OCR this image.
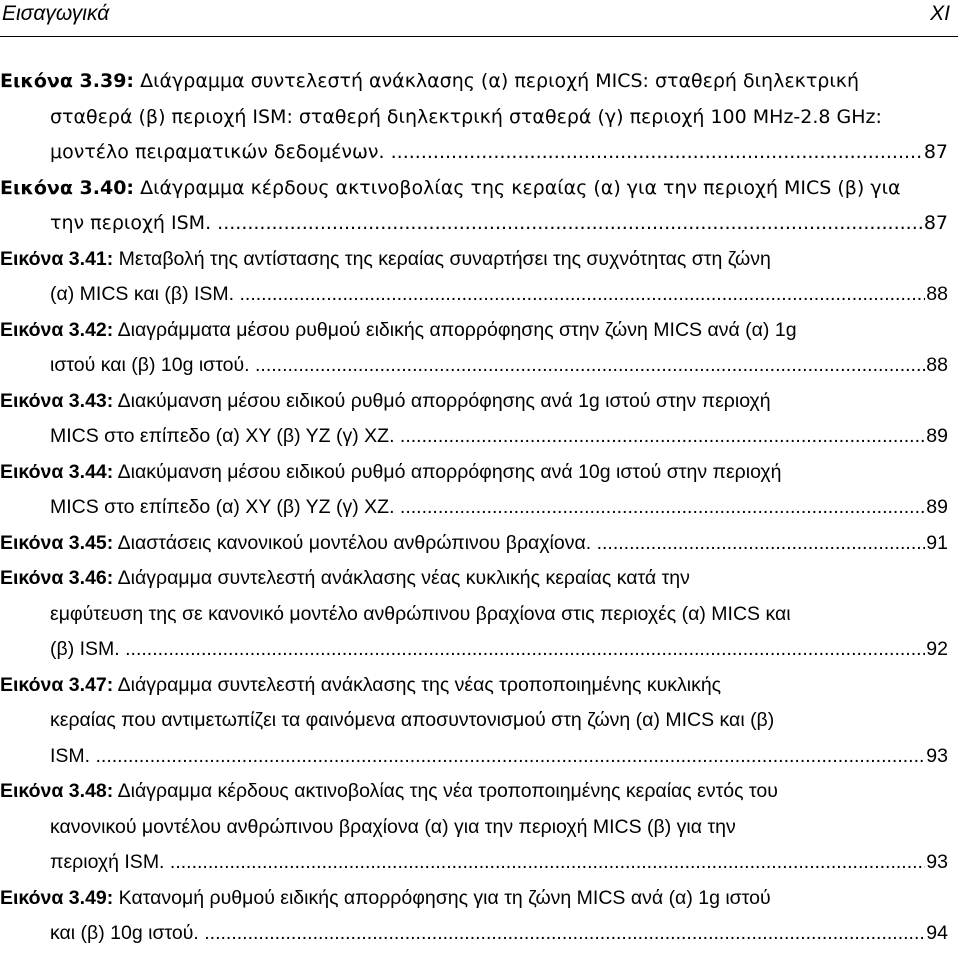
Εισαγωγικά	XI
Εικόνα 3.39: Διάγραμμα συντελεστή ανάκλασης (α) περιοχή MICS: σταθερή διηλεκτρική
σταθερά (β) περιοχή ISM: σταθερή διηλεκτρική σταθερά (γ) περιοχή 100 MHz-2.8 GHz:
μοντέλο πειραματικών δεδομένων. .....	87
Εικόνα 3.40: Διάγραμμα κέρδους ακτινοβολίας της κεραίας (α) για την περιοχή MICS (β) για
την περιοχή ISM. .....	87
Εικόνα 3.41: Μεταβολή της αντίστασης της κεραίας συναρτήσει της συχνότητας στη ζώνη
(α) MICS και (β) ISM. .....	88
Εικόνα 3.42: Διαγράμματα μέσου ρυθμού ειδικής απορρόφησης στην ζώνη MICS ανά (α) 1g
ιστού και (β) 10g ιστού. .....	88
Εικόνα 3.43: Διακύμανση μέσου ειδικού ρυθμό απορρόφησης ανά 1g ιστού στην περιοχή
MICS στο επίπεδο (α) XY (β) YZ (γ) XZ. .....	89
Εικόνα 3.44: Διακύμανση μέσου ειδικού ρυθμό απορρόφησης ανά 10g ιστού στην περιοχή
MICS στο επίπεδο (α) XY (β) YZ (γ) XZ. .....	89
Εικόνα 3.45: Διαστάσεις κανονικού μοντέλου ανθρώπινου βραχίονα. .....	91
Εικόνα 3.46: Διάγραμμα συντελεστή ανάκλασης νέας κυκλικής κεραίας κατά την
εμφύτευση της σε κανονικό μοντέλο ανθρώπινου βραχίονα στις περιοχές (α) MICS και
(β) ISM. .....	92
Εικόνα 3.47: Διάγραμμα συντελεστή ανάκλασης της νέας τροποποιημένης κυκλικής
κεραίας που αντιμετωπίζει τα φαινόμενα αποσυντονισμού στη ζώνη (α) MICS και (β)
ISM. .....	93
Εικόνα 3.48: Διάγραμμα κέρδους ακτινοβολίας της νέα τροποποιημένης κεραίας εντός του
κανονικού μοντέλου ανθρώπινου βραχίονα (α) για την περιοχή MICS (β) για την
περιοχή ISM. .....	93
Εικόνα 3.49: Κατανομή ρυθμού ειδικής απορρόφησης για τη ζώνη MICS ανά (α) 1g ιστού
και (β) 10g ιστού. .....	94
